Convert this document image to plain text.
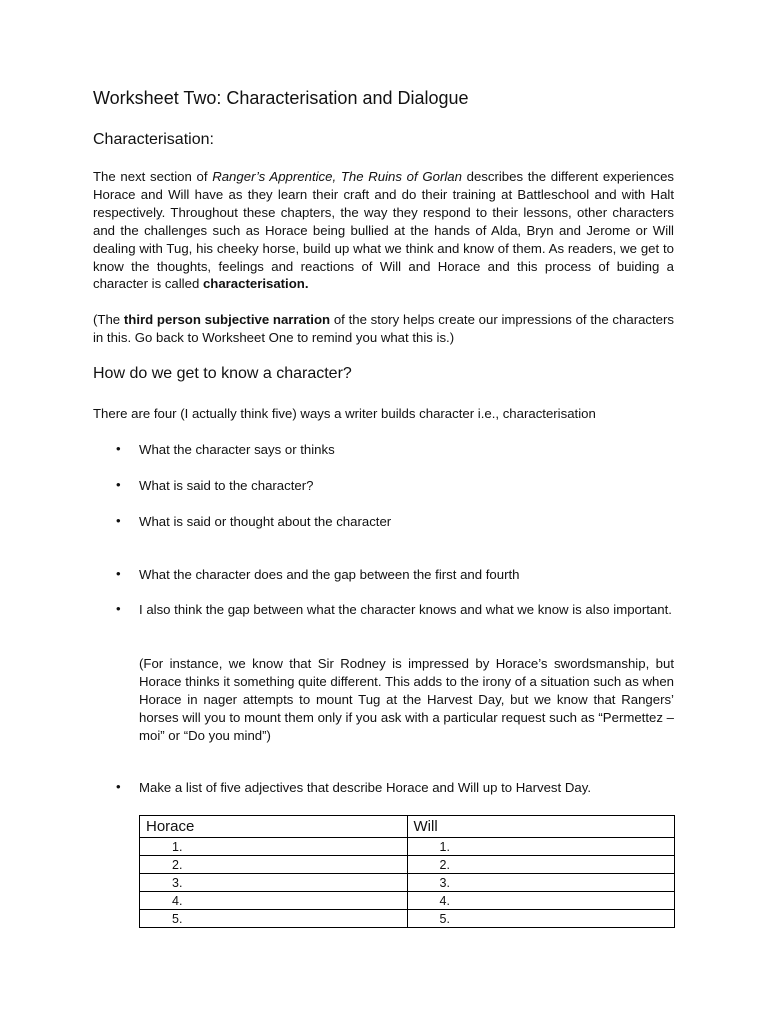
Worksheet Two: Characterisation and Dialogue
Characterisation:

The next section of Ranger’s Apprentice, The Ruins of Gorlan describes the different experiences Horace and Will have as they learn their craft and do their training at Battleschool and with Halt respectively. Throughout these chapters, the way they respond to their lessons, other characters and the challenges such as Horace being bullied at the hands of Alda, Bryn and Jerome or Will dealing with Tug, his cheeky horse, build up what we think and know of them. As readers, we get to know the thoughts, feelings and reactions of Will and Horace and this process of buiding a character is called characterisation.

(The third person subjective narration of the story helps create our impressions of the characters in this. Go back to Worksheet One to remind you what this is.)

How do we get to know a character?

There are four (I actually think five) ways a writer builds character i.e., characterisation

• What the character says or thinks

• What is said to the character?

• What is said or thought about the character

• What the character does and the gap between the first and fourth

• I also think the gap between what the character knows and what we know is also important.

(For instance, we know that Sir Rodney is impressed by Horace’s swordsmanship, but Horace thinks it something quite different. This adds to the irony of a situation such as when Horace in nager attempts to mount Tug at the Harvest Day, but we know that Rangers’ horses will you to mount them only if you ask with a particular request such as “Permettez – moi” or “Do you mind”)

• Make a list of five adjectives that describe Horace and Will up to Harvest Day.

Horace	Will
1.	1.
2.	2.
3.	3.
4.	4.
5.	5.
